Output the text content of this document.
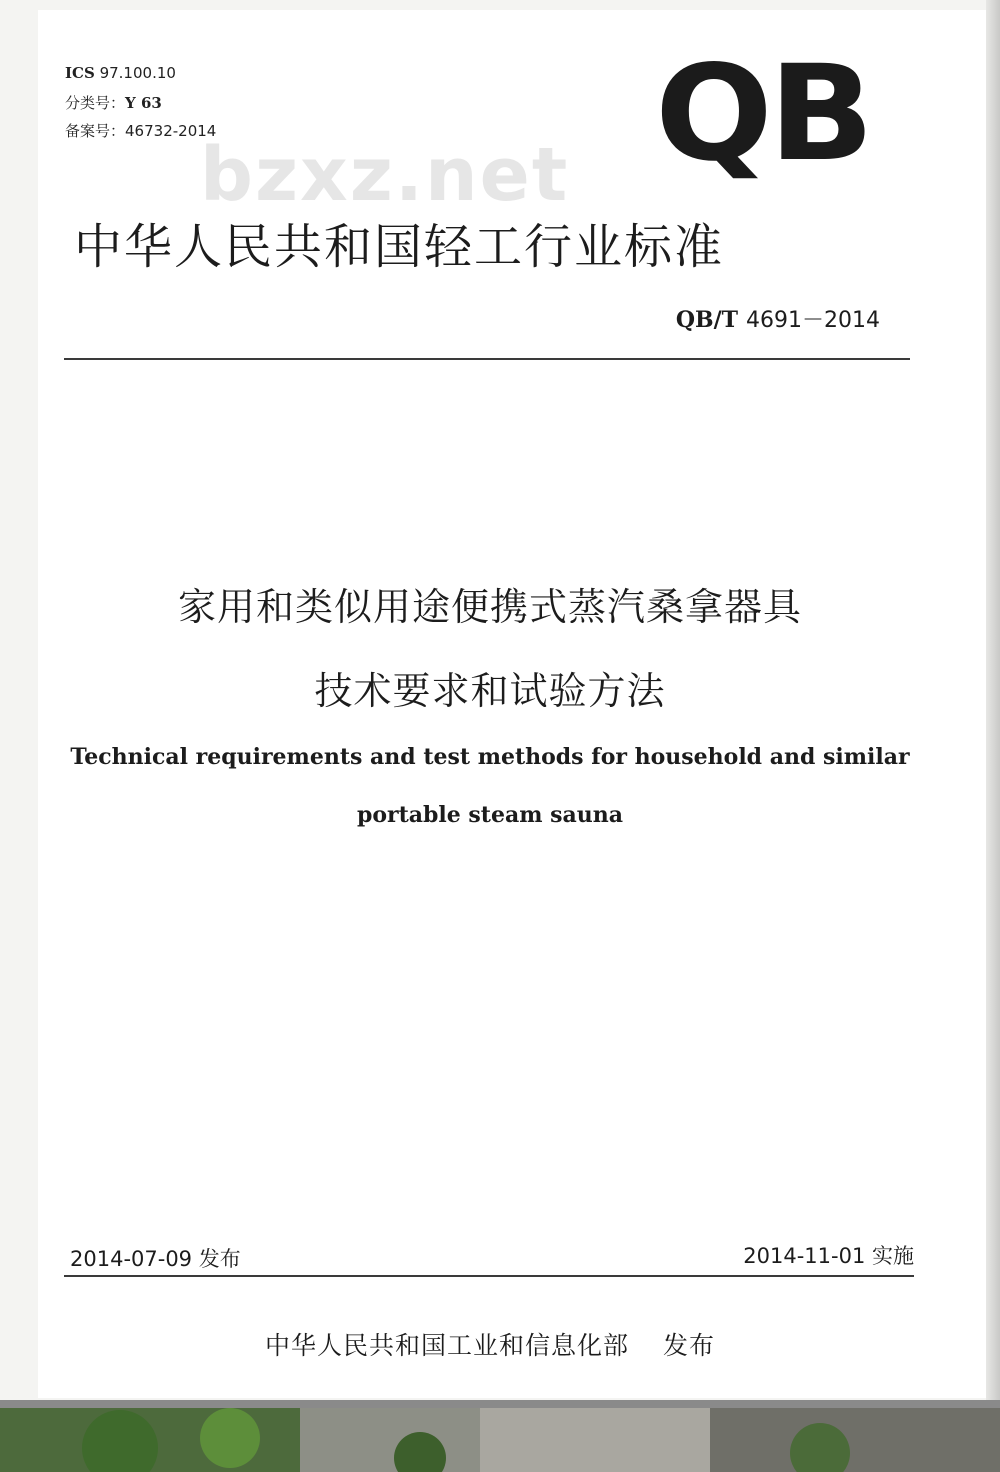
ICS 97.100.10
分类号：Y 63
备案号：46732-2014	QB
bzxz.net
中华人民共和国轻工行业标准
QB/T 4691－2014
家用和类似用途便携式蒸汽桑拿器具
技术要求和试验方法
Technical requirements and test methods for household and similar
portable steam sauna
2014-07-09 发布	2014-11-01 实施
中华人民共和国工业和信息化部 发布
